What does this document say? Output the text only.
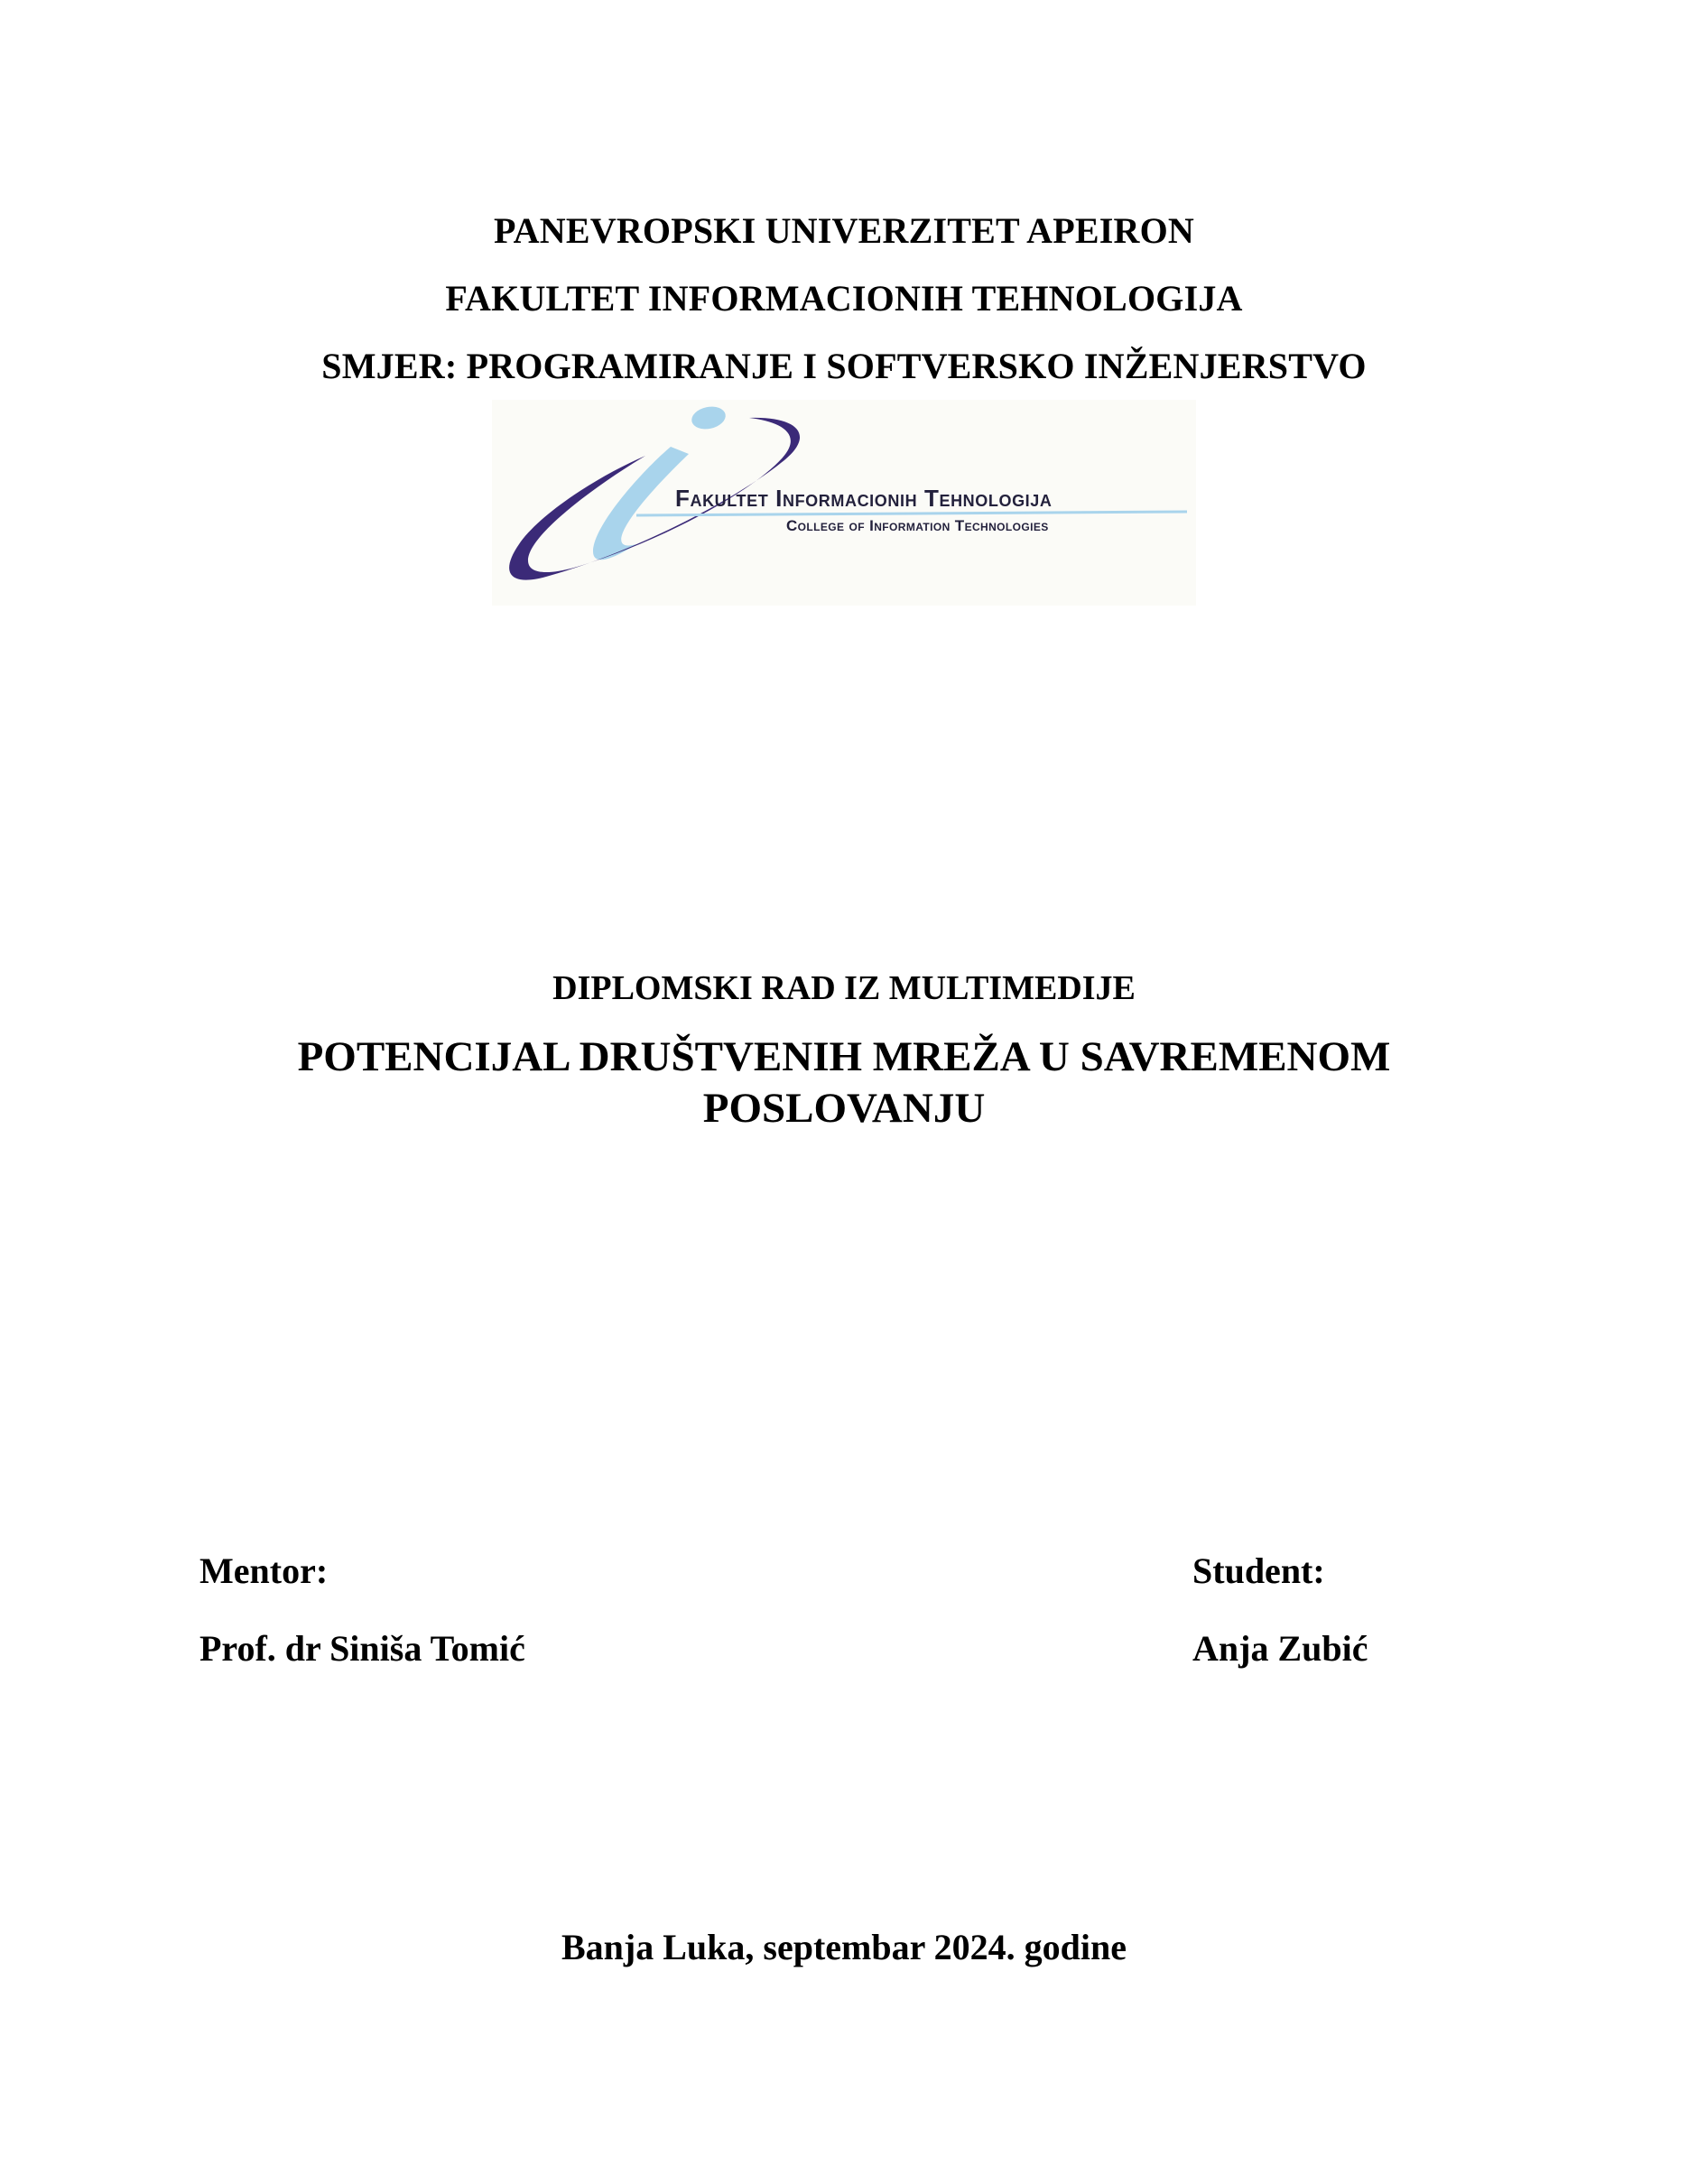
PANEVROPSKI UNIVERZITET APEIRON

FAKULTET INFORMACIONIH TEHNOLOGIJA

SMJER: PROGRAMIRANJE I SOFTVERSKO INŽENJERSTVO

Fakultet Informacionih Tehnologija
College of Information Technologies

DIPLOMSKI RAD IZ MULTIMEDIJE

POTENCIJAL DRUŠTVENIH MREŽA U SAVREMENOM POSLOVANJU

Mentor:

Prof. dr Siniša Tomić

Student:

Anja Zubić

Banja Luka, septembar 2024. godine
